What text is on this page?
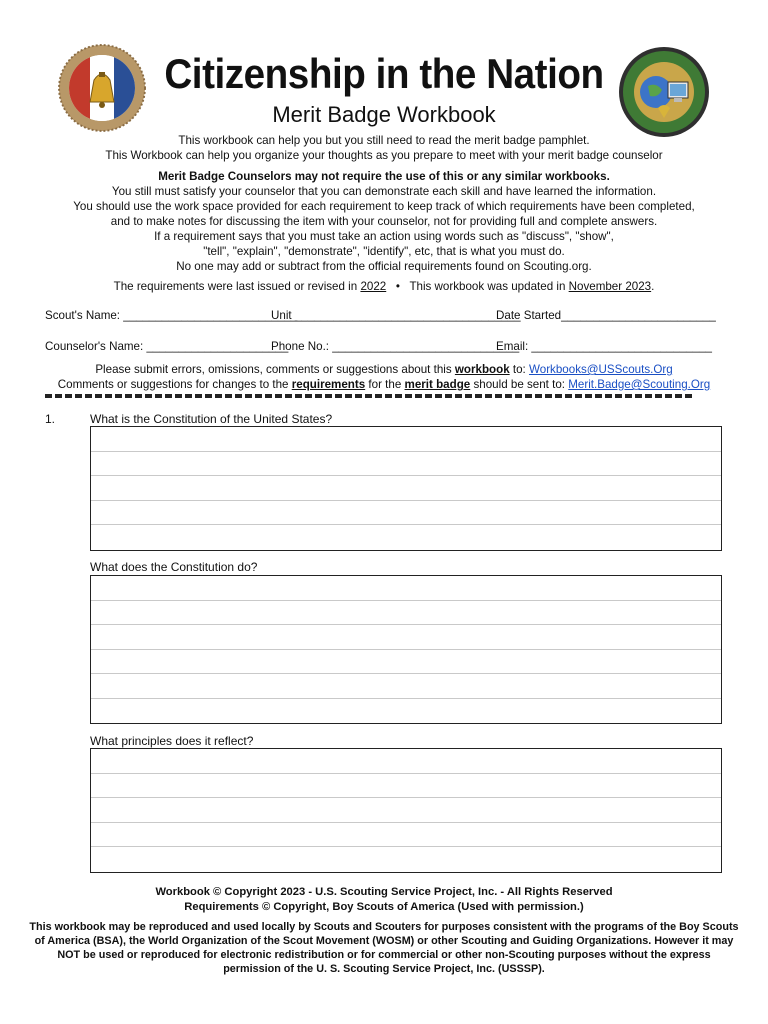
Citizenship in the Nation
Merit Badge Workbook
This workbook can help you but you still need to read the merit badge pamphlet.
This Workbook can help you organize your thoughts as you prepare to meet with your merit badge counselor
Merit Badge Counselors may not require the use of this or any similar workbooks.
You still must satisfy your counselor that you can demonstrate each skill and have learned the information.
You should use the work space provided for each requirement to keep track of which requirements have been completed,
and to make notes for discussing the item with your counselor, not for providing full and complete answers.
If a requirement says that you must take an action using words such as "discuss", "show",
"tell", "explain", "demonstrate", "identify", etc, that is what you must do.
No one may add or subtract from the official requirements found on Scouting.org.
The requirements were last issued or revised in 2022 • This workbook was updated in November 2023.
Scout's Name: ___________________________
Unit ___________________________________
Date Started________________________
Counselor's Name: ______________________
Phone No.: _____________________________
Email: ____________________________
Please submit errors, omissions, comments or suggestions about this workbook to: Workbooks@USScouts.Org
Comments or suggestions for changes to the requirements for the merit badge should be sent to: Merit.Badge@Scouting.Org
1.	What is the Constitution of the United States?
What does the Constitution do?
What principles does it reflect?
Workbook © Copyright 2023 - U.S. Scouting Service Project, Inc. - All Rights Reserved
Requirements © Copyright, Boy Scouts of America (Used with permission.)
This workbook may be reproduced and used locally by Scouts and Scouters for purposes consistent with the programs of the Boy Scouts
of America (BSA), the World Organization of the Scout Movement (WOSM) or other Scouting and Guiding Organizations. However it may
NOT be used or reproduced for electronic redistribution or for commercial or other non-Scouting purposes without the express
permission of the U. S. Scouting Service Project, Inc. (USSSP).
